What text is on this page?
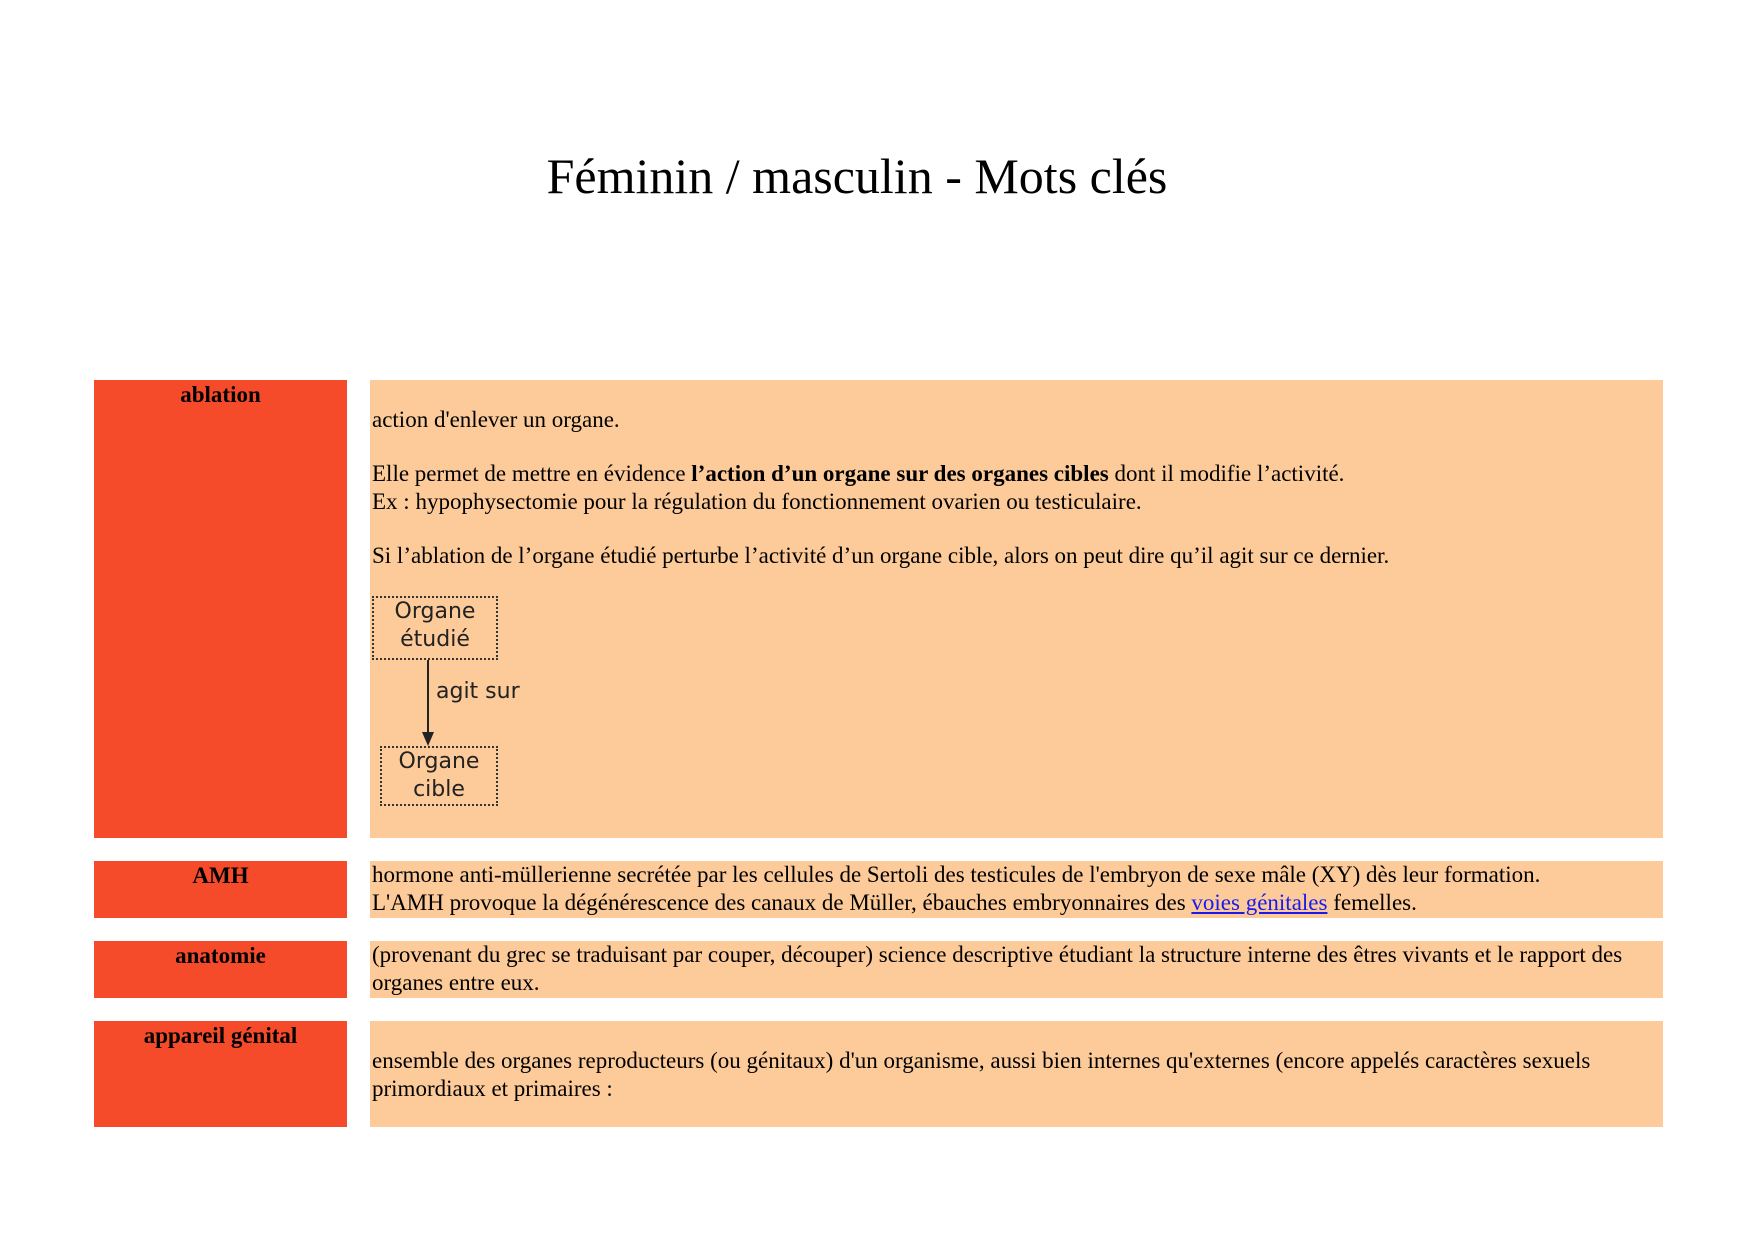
Féminin / masculin - Mots clés
ablation

action d'enlever un organe.

Elle permet de mettre en évidence l’action d’un organe sur des organes cibles dont il modifie l’activité.
Ex : hypophysectomie pour la régulation du fonctionnement ovarien ou testiculaire.

Si l’ablation de l’organe étudié perturbe l’activité d’un organe cible, alors on peut dire qu’il agit sur ce dernier.

Organe
étudié
agit sur
Organe
cible
AMH	hormone anti-müllerienne secrétée par les cellules de Sertoli des testicules de l'embryon de sexe mâle (XY) dès leur formation.
L'AMH provoque la dégénérescence des canaux de Müller, ébauches embryonnaires des voies génitales femelles.

anatomie	(provenant du grec se traduisant par couper, découper) science descriptive étudiant la structure interne des êtres vivants et le rapport des organes entre eux.

appareil génital

ensemble des organes reproducteurs (ou génitaux) d'un organisme, aussi bien internes qu'externes (encore appelés caractères sexuels primordiaux et primaires :
